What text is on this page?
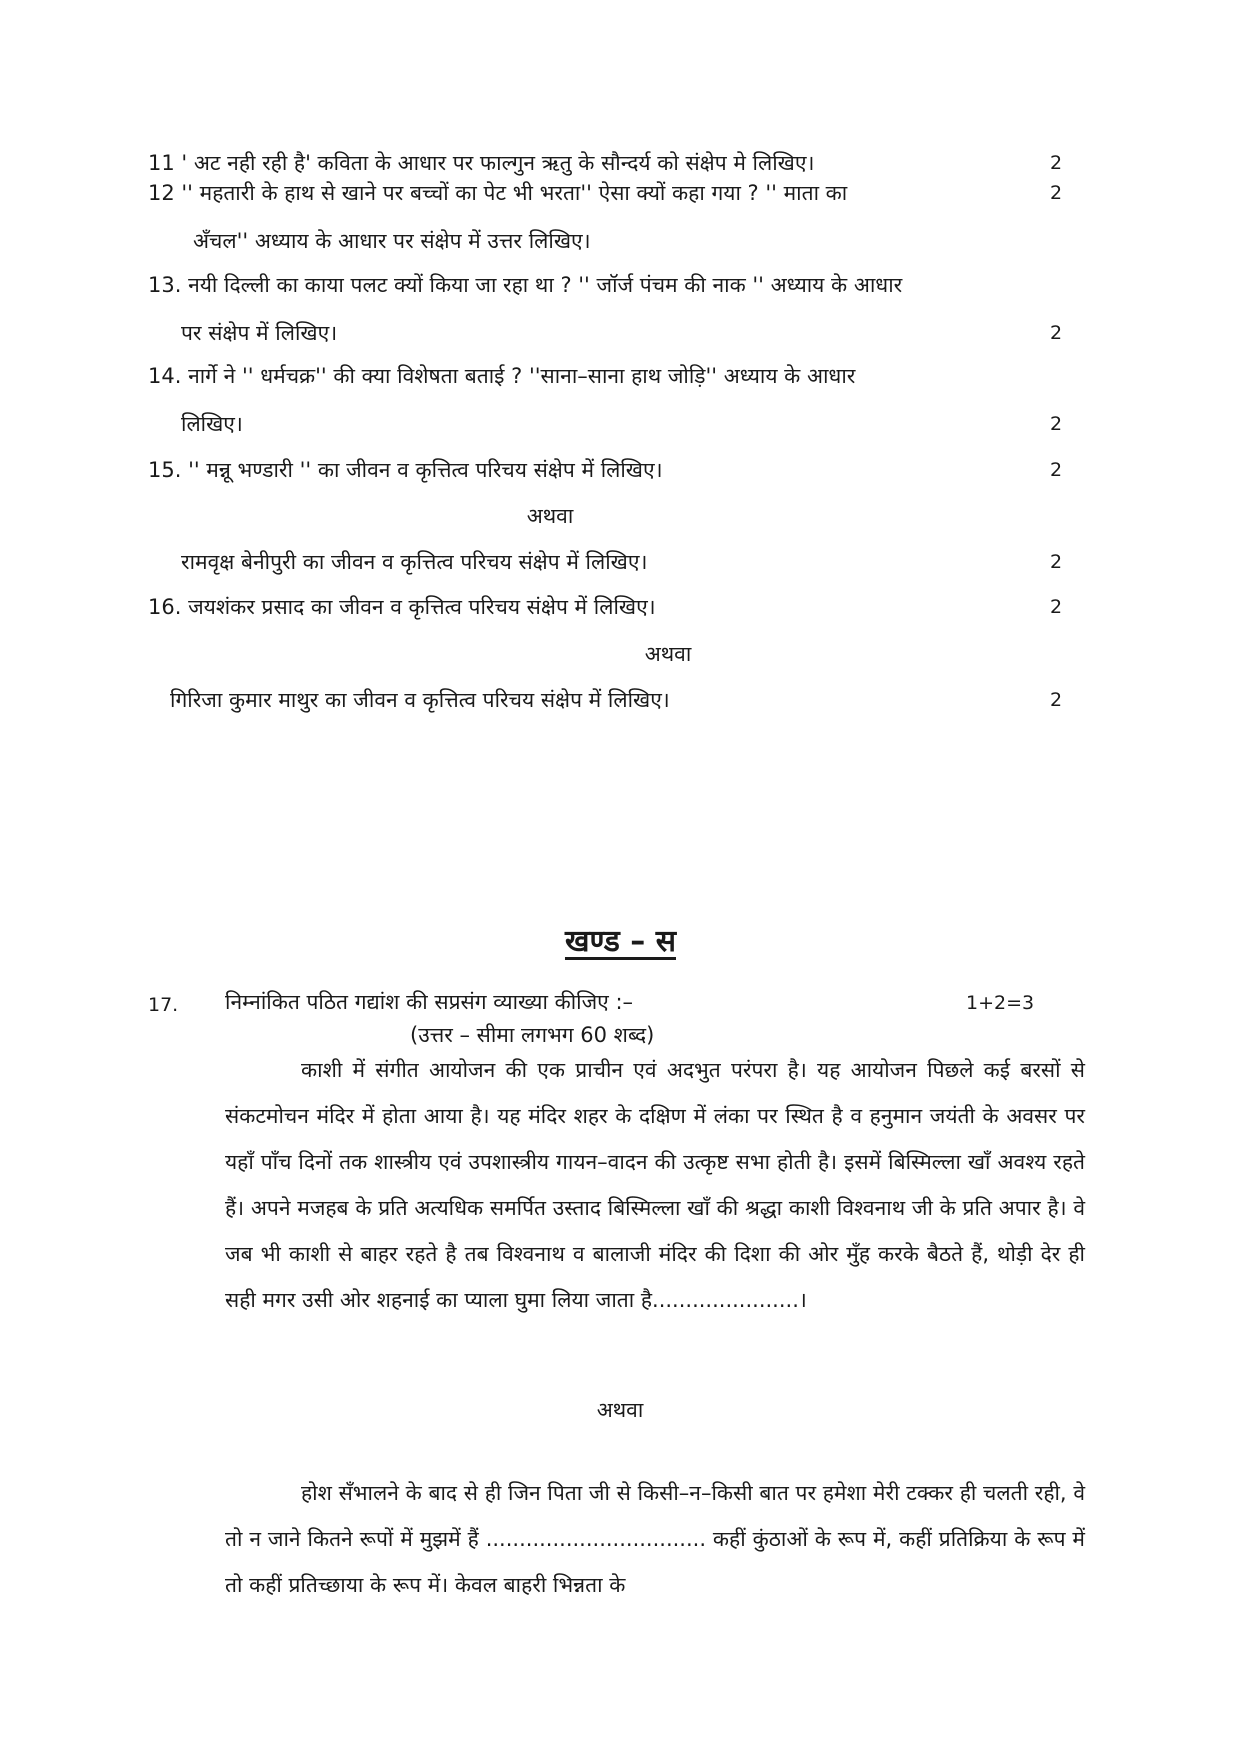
11 ' अट नही रही है' कविता के आधार पर फाल्गुन ऋतु के सौन्दर्य को संक्षेप मे लिखिए।	2
12 '' महतारी के हाथ से खाने पर बच्चों का पेट भी भरता'' ऐसा क्यों कहा गया ? '' माता का	2
अँचल'' अध्याय के आधार पर संक्षेप में उत्तर लिखिए।
13. नयी दिल्ली का काया पलट क्यों किया जा रहा था ? '' जॉर्ज पंचम की नाक '' अध्याय के आधार
पर संक्षेप में लिखिए।	2
14. नार्गे ने '' धर्मचक्र'' की क्या विशेषता बताई ? ''साना–साना हाथ जोड़ि'' अध्याय के आधार
लिखिए।	2
15. '' मन्नू भण्डारी '' का जीवन व कृत्तित्व परिचय संक्षेप में लिखिए।	2
अथवा
रामवृक्ष बेनीपुरी का जीवन व कृत्तित्व परिचय संक्षेप में लिखिए।	2
16. जयशंकर प्रसाद का जीवन व कृत्तित्व परिचय संक्षेप में लिखिए।	2
अथवा
गिरिजा कुमार माथुर का जीवन व कृत्तित्व परिचय संक्षेप में लिखिए।	2
खण्ड – स
17. निम्नांकित पठित गद्यांश की सप्रसंग व्याख्या कीजिए :–	1+2=3
(उत्तर – सीमा लगभग 60 शब्द)
काशी में संगीत आयोजन की एक प्राचीन एवं अदभुत परंपरा है। यह आयोजन पिछले कई बरसों से संकटमोचन मंदिर में होता आया है। यह मंदिर शहर के दक्षिण में लंका पर स्थित है व हनुमान जयंती के अवसर पर यहाँ पाँच दिनों तक शास्त्रीय एवं उपशास्त्रीय गायन–वादन की उत्कृष्ट सभा होती है। इसमें बिस्मिल्ला खाँ अवश्य रहते हैं। अपने मजहब के प्रति अत्यधिक समर्पित उस्ताद बिस्मिल्ला खाँ की श्रद्धा काशी विश्वनाथ जी के प्रति अपार है। वे जब भी काशी से बाहर रहते है तब विश्वनाथ व बालाजी मंदिर की दिशा की ओर मुँह करके बैठते हैं, थोड़ी देर ही सही मगर उसी ओर शहनाई का प्याला घुमा लिया जाता है......................।
अथवा
होश सँभालने के बाद से ही जिन पिता जी से किसी–न–किसी बात पर हमेशा मेरी टक्कर ही चलती रही, वे तो न जाने कितने रूपों में मुझमें हैं ................................. कहीं कुंठाओं के रूप में, कहीं प्रतिक्रिया के रूप में तो कहीं प्रतिच्छाया के रूप में। केवल बाहरी भिन्नता के
